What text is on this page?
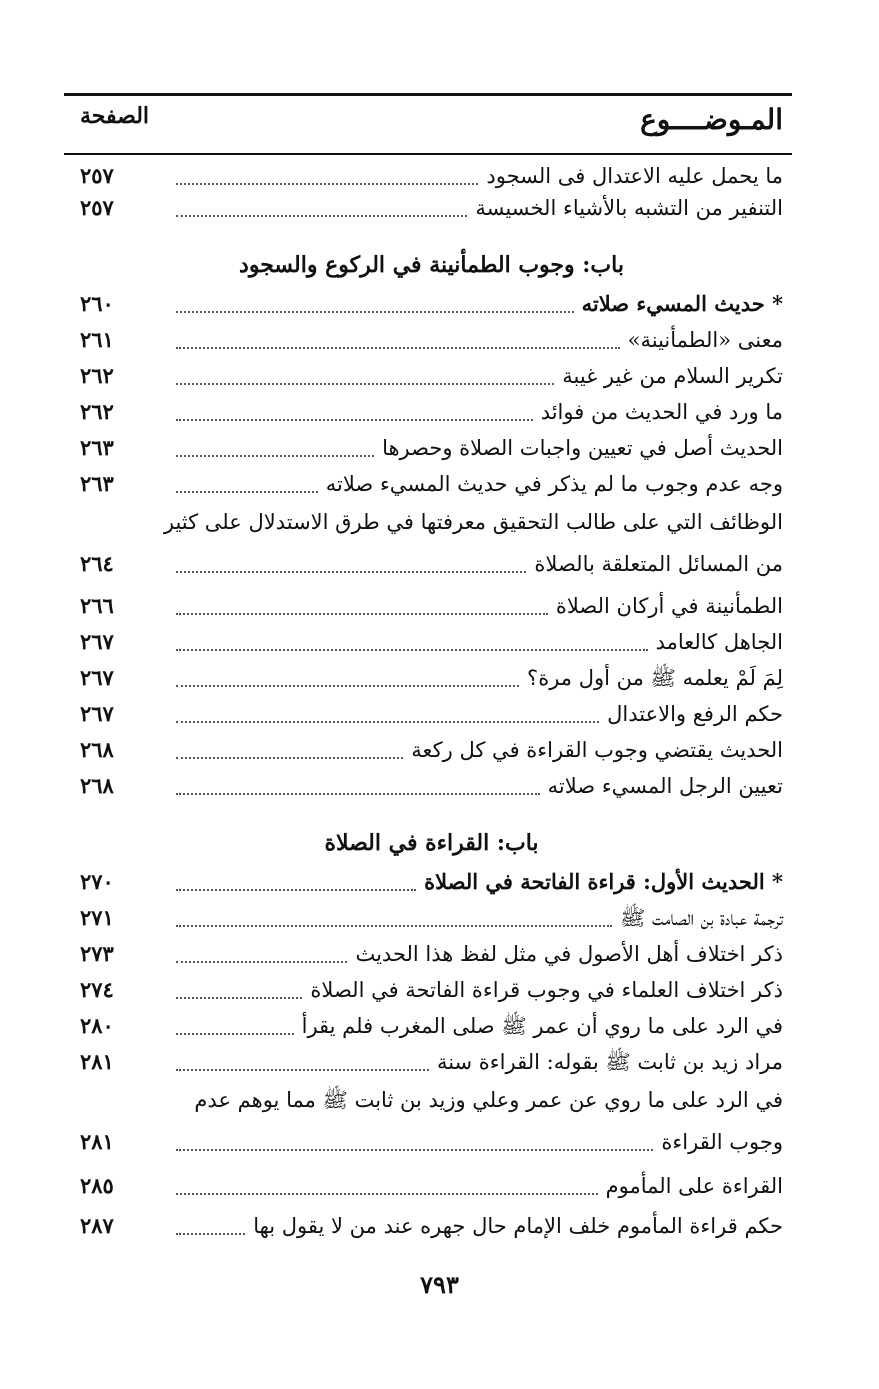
المـوضــــوع
الصفحة
ما يحمل عليه الاعتدال فى السجود
٢٥٧
التنفير من التشبه بالأشياء الخسيسة
٢٥٧
باب: وجوب الطمأنينة في الركوع والسجود
* حديث المسيء صلاته
٢٦٠
معنى «الطمأنينة»
٢٦١
تكرير السلام من غير غيبة
٢٦٢
ما ورد في الحديث من فوائد
٢٦٢
الحديث أصل في تعيين واجبات الصلاة وحصرها
٢٦٣
وجه عدم وجوب ما لم يذكر في حديث المسيء صلاته
٢٦٣
الوظائف التي على طالب التحقيق معرفتها في طرق الاستدلال على كثير
من المسائل المتعلقة بالصلاة
٢٦٤
الطمأنينة في أركان الصلاة
٢٦٦
الجاهل كالعامد
٢٦٧
لِمَ لَمْ يعلمه ﷺ من أول مرة؟
٢٦٧
حكم الرفع والاعتدال
٢٦٧
الحديث يقتضي وجوب القراءة في كل ركعة
٢٦٨
تعيين الرجل المسيء صلاته
٢٦٨
باب: القراءة في الصلاة
* الحديث الأول: قراءة الفاتحة في الصلاة
٢٧٠
ترجمة عبادة بن الصامت ﷺ
٢٧١
ذكر اختلاف أهل الأصول في مثل لفظ هذا الحديث
٢٧٣
ذكر اختلاف العلماء في وجوب قراءة الفاتحة في الصلاة
٢٧٤
في الرد على ما روي أن عمر ﷺ صلى المغرب فلم يقرأ
٢٨٠
مراد زيد بن ثابت ﷺ بقوله: القراءة سنة
٢٨١
في الرد على ما روي عن عمر وعلي وزيد بن ثابت ﷺ مما يوهم عدم
وجوب القراءة
٢٨١
القراءة على المأموم
٢٨٥
حكم قراءة المأموم خلف الإمام حال جهره عند من لا يقول بها
٢٨٧
٧٩٣
